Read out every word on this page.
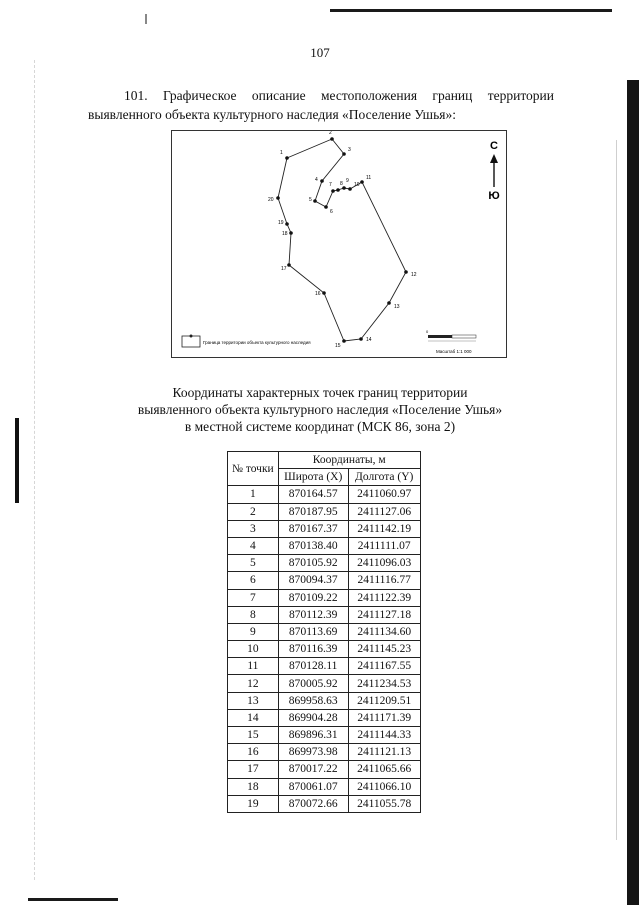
107
101. Графическое описание местоположения границ территории
выявленного объекта культурного наследия «Поселение Ушья»:
1
2
3
4
5
6
7 8 9
10
11
12
13
14
15
16
17
18
19
20
С
Ю
Граница территории объекта культурного наследия
0
Масштаб 1:1 000
Координаты характерных точек границ территории
выявленного объекта культурного наследия «Поселение Ушья»
в местной системе координат (МСК 86, зона 2)
№ точки	Координаты, м	
	Широта (X)	Долгота (Y)
1	870164.57	2411060.97
2	870187.95	2411127.06
3	870167.37	2411142.19
4	870138.40	2411111.07
5	870105.92	2411096.03
6	870094.37	2411116.77
7	870109.22	2411122.39
8	870112.39	2411127.18
9	870113.69	2411134.60
10	870116.39	2411145.23
11	870128.11	2411167.55
12	870005.92	2411234.53
13	869958.63	2411209.51
14	869904.28	2411171.39
15	869896.31	2411144.33
16	869973.98	2411121.13
17	870017.22	2411065.66
18	870061.07	2411066.10
19	870072.66	2411055.78
